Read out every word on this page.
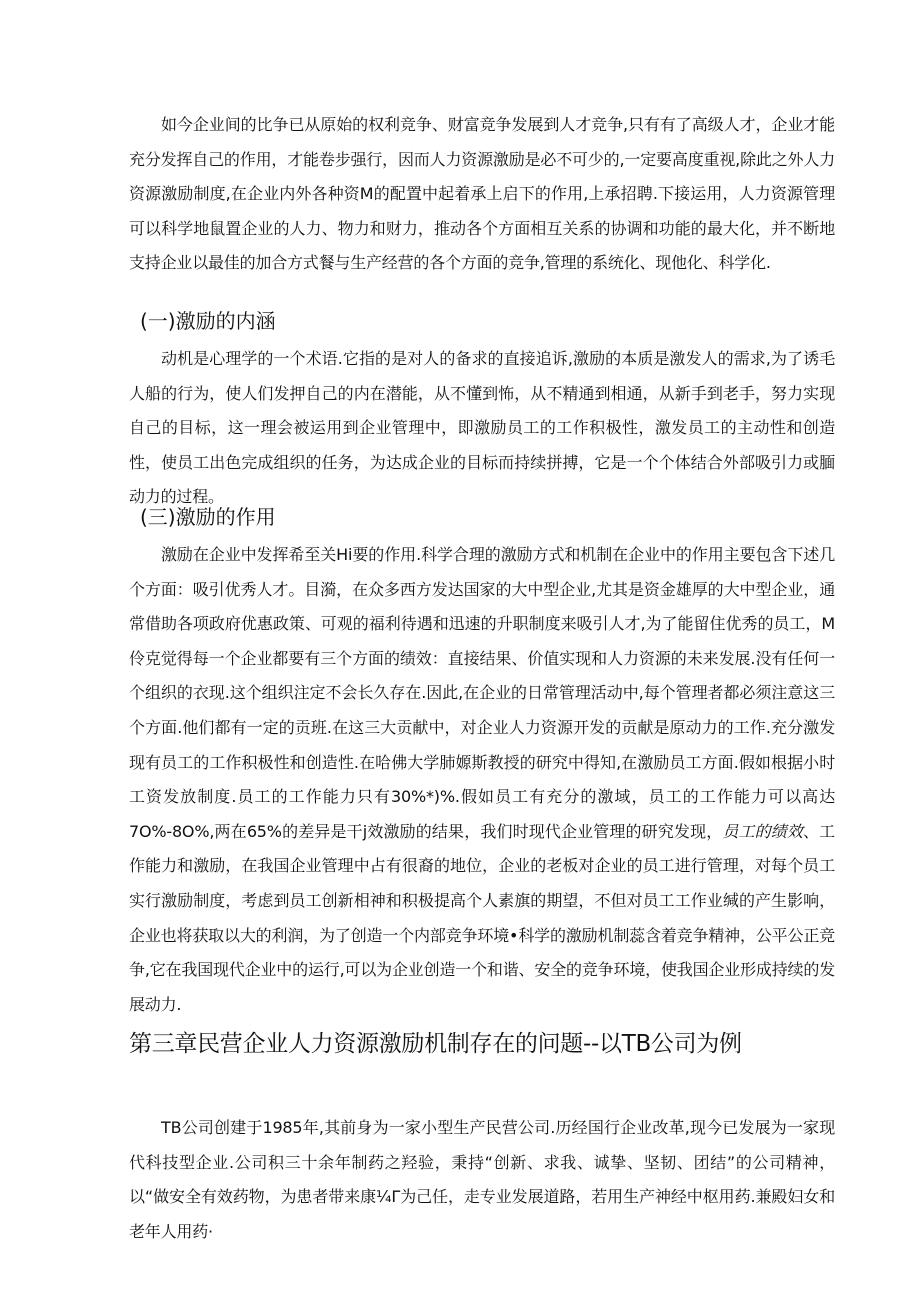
如今企业间的比争已从原始的权利竞争、财富竞争发展到人才竞争,只有有了高级人才，企业才能充分发挥自己的作用，才能卷步强行，因而人力资源激励是必不可少的,一定要高度重视,除此之外人力资源激励制度,在企业内外各种资M的配置中起着承上启下的作用,上承招聘.下接运用，人力资源管理可以科学地鼠置企业的人力、物力和财力，推动各个方面相互关系的协调和功能的最大化，并不断地支持企业以最佳的加合方式餐与生产经营的各个方面的竞争,管理的系统化、现他化、科学化.

(一)激励的内涵

动机是心理学的一个术语.它指的是对人的备求的直接追诉,激励的本质是激发人的需求,为了诱毛人船的行为，使人们发押自己的内在潜能，从不懂到怖，从不精通到相通，从新手到老手，努力实现自己的目标，这一理会被运用到企业管理中，即激励员工的工作积极性，激发员工的主动性和创造性，使员工出色完成组织的任务，为达成企业的目标而持续拼搏，它是一个个体结合外部吸引力或腼动力的过程。

(三)激励的作用

激励在企业中发挥希至关Hi要的作用.科学合理的激励方式和机制在企业中的作用主要包含下述几个方面：吸引优秀人才。目漪，在众多西方发达国家的大中型企业,尤其是资金雄厚的大中型企业，通常借助各项政府优惠政策、可观的福利待遇和迅速的升职制度来吸引人才,为了能留住优秀的员工，M伶克觉得每一个企业都要有三个方面的绩效：直接结果、价值实现和人力资源的未来发展.没有任何一个组织的衣现.这个组织注定不会长久存在.因此,在企业的日常管理活动中,每个管理者都必须注意这三个方面.他们都有一定的贡班.在这三大贡献中，对企业人力资源开发的贡献是原动力的工作.充分激发现有员工的工作积极性和创造性.在哈佛大学肺嫄斯教授的研究中得知,在激励员工方面.假如根据小时工资发放制度.员工的工作能力只有30%*)%.假如员工有充分的激域，员工的工作能力可以高达7O%-8O%,两在65%的差异是干j效激励的结果，我们时现代企业管理的研究发现，员工的绩效、工作能力和激励，在我国企业管理中占有很裔的地位，企业的老板对企业的员工进行管理，对每个员工实行激励制度，考虑到员工创新相神和积极提高个人素旗的期望，不但对员工工作业缄的产生影响，企业也将获取以大的利润，为了创造一个内部竞争环境•科学的激励机制蕊含着竞争精神，公平公正竞争,它在我国现代企业中的运行,可以为企业创造一个和谐、安全的竞争环境，使我国企业形成持续的发展动力.

第三章民营企业人力资源激励机制存在的问题--以TB公司为例

TB公司创建于1985年,其前身为一家小型生产民营公司.历经国行企业改革,现今已发展为一家现代科技型企业.公司积三十余年制药之羟验，秉持“创新、求我、诚挚、坚韧、团结”的公司精神，以“做安全有效药物，为患者带来康¼Γ为己任，走专业发展道路，若用生产神经中枢用药.兼殿妇女和老年人用药·
